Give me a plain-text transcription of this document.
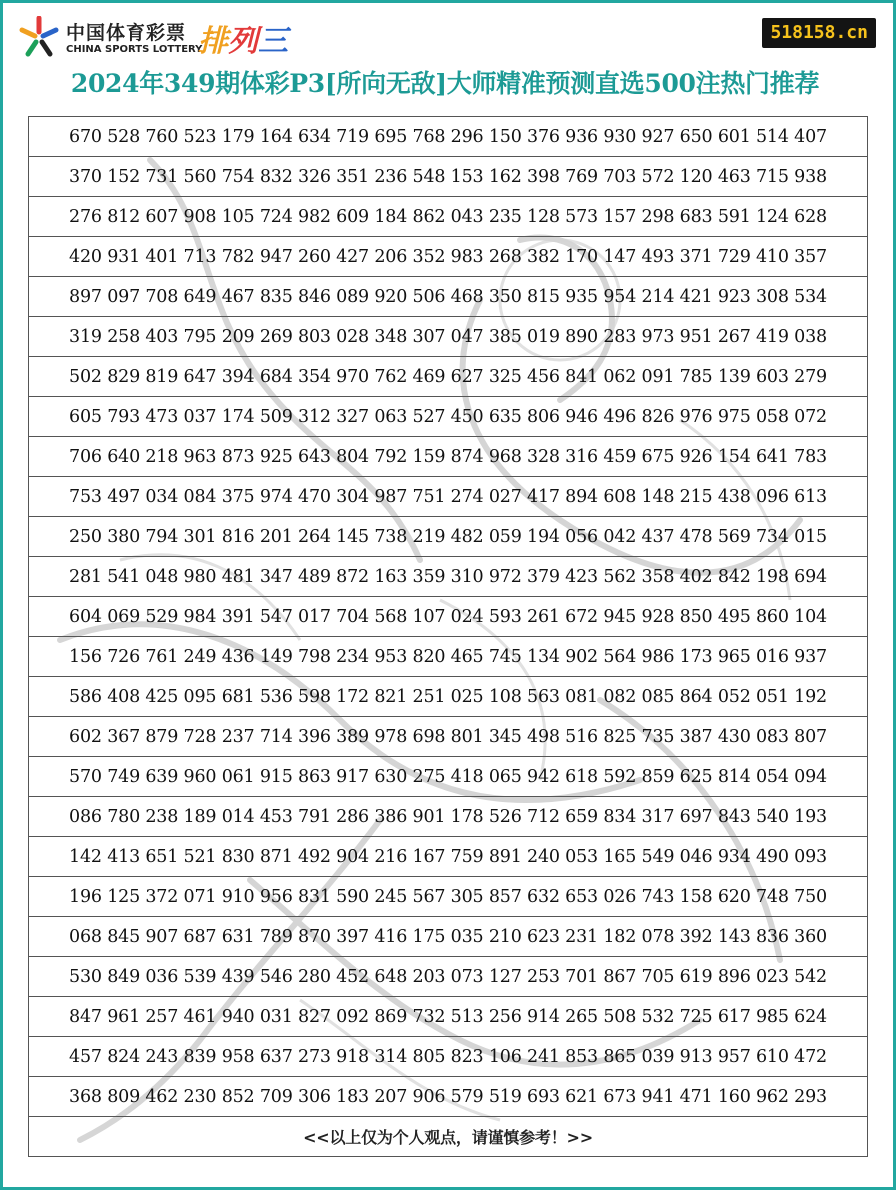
中国体育彩票
CHINA SPORTS LOTTERY
排列三	518158.cn
2024年349期体彩P3[所向无敌]大师精准预测直选500注热门推荐
670 528 760 523 179 164 634 719 695 768 296 150 376 936 930 927 650 601 514 407
370 152 731 560 754 832 326 351 236 548 153 162 398 769 703 572 120 463 715 938
276 812 607 908 105 724 982 609 184 862 043 235 128 573 157 298 683 591 124 628
420 931 401 713 782 947 260 427 206 352 983 268 382 170 147 493 371 729 410 357
897 097 708 649 467 835 846 089 920 506 468 350 815 935 954 214 421 923 308 534
319 258 403 795 209 269 803 028 348 307 047 385 019 890 283 973 951 267 419 038
502 829 819 647 394 684 354 970 762 469 627 325 456 841 062 091 785 139 603 279
605 793 473 037 174 509 312 327 063 527 450 635 806 946 496 826 976 975 058 072
706 640 218 963 873 925 643 804 792 159 874 968 328 316 459 675 926 154 641 783
753 497 034 084 375 974 470 304 987 751 274 027 417 894 608 148 215 438 096 613
250 380 794 301 816 201 264 145 738 219 482 059 194 056 042 437 478 569 734 015
281 541 048 980 481 347 489 872 163 359 310 972 379 423 562 358 402 842 198 694
604 069 529 984 391 547 017 704 568 107 024 593 261 672 945 928 850 495 860 104
156 726 761 249 436 149 798 234 953 820 465 745 134 902 564 986 173 965 016 937
586 408 425 095 681 536 598 172 821 251 025 108 563 081 082 085 864 052 051 192
602 367 879 728 237 714 396 389 978 698 801 345 498 516 825 735 387 430 083 807
570 749 639 960 061 915 863 917 630 275 418 065 942 618 592 859 625 814 054 094
086 780 238 189 014 453 791 286 386 901 178 526 712 659 834 317 697 843 540 193
142 413 651 521 830 871 492 904 216 167 759 891 240 053 165 549 046 934 490 093
196 125 372 071 910 956 831 590 245 567 305 857 632 653 026 743 158 620 748 750
068 845 907 687 631 789 870 397 416 175 035 210 623 231 182 078 392 143 836 360
530 849 036 539 439 546 280 452 648 203 073 127 253 701 867 705 619 896 023 542
847 961 257 461 940 031 827 092 869 732 513 256 914 265 508 532 725 617 985 624
457 824 243 839 958 637 273 918 314 805 823 106 241 853 865 039 913 957 610 472
368 809 462 230 852 709 306 183 207 906 579 519 693 621 673 941 471 160 962 293
<<以上仅为个人观点，请谨慎参考！>>
